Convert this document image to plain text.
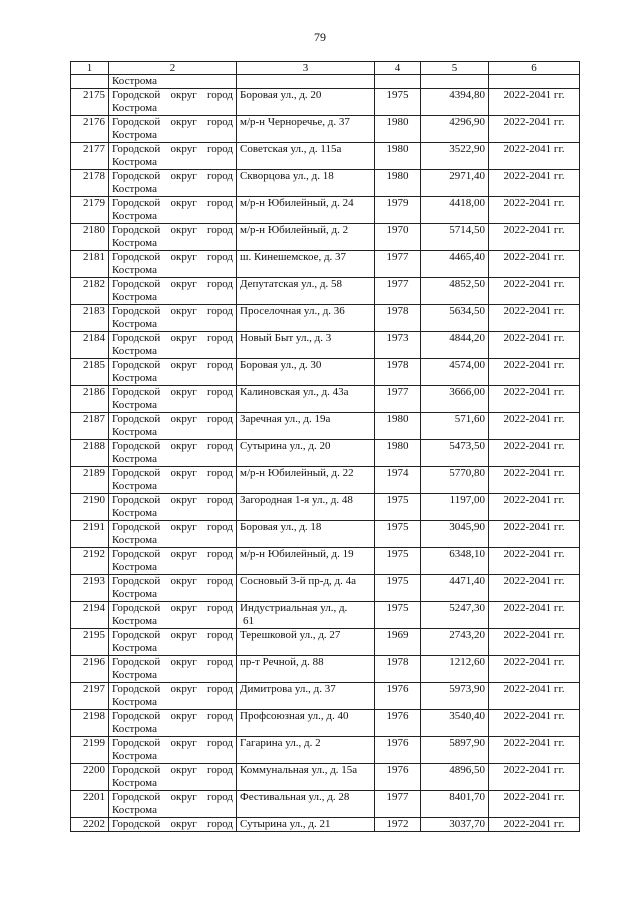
79
1	2	3	4	5	6
	Кострома				
2175	Городской округ город
Кострома	Боровая ул., д. 20	1975	4394,80	2022-2041 гг.
2176	Городской округ город
Кострома	м/р-н Черноречье, д. 37	1980	4296,90	2022-2041 гг.
2177	Городской округ город
Кострома	Советская ул., д. 115а	1980	3522,90	2022-2041 гг.
2178	Городской округ город
Кострома	Скворцова ул., д. 18	1980	2971,40	2022-2041 гг.
2179	Городской округ город
Кострома	м/р-н Юбилейный, д. 24	1979	4418,00	2022-2041 гг.
2180	Городской округ город
Кострома	м/р-н Юбилейный, д. 2	1970	5714,50	2022-2041 гг.
2181	Городской округ город
Кострома	ш. Кинешемское, д. 37	1977	4465,40	2022-2041 гг.
2182	Городской округ город
Кострома	Депутатская ул., д. 58	1977	4852,50	2022-2041 гг.
2183	Городской округ город
Кострома	Проселочная ул., д. 36	1978	5634,50	2022-2041 гг.
2184	Городской округ город
Кострома	Новый Быт ул., д. 3	1973	4844,20	2022-2041 гг.
2185	Городской округ город
Кострома	Боровая ул., д. 30	1978	4574,00	2022-2041 гг.
2186	Городской округ город
Кострома	Калиновская ул., д. 43а	1977	3666,00	2022-2041 гг.
2187	Городской округ город
Кострома	Заречная ул., д. 19а	1980	571,60	2022-2041 гг.
2188	Городской округ город
Кострома	Сутырина ул., д. 20	1980	5473,50	2022-2041 гг.
2189	Городской округ город
Кострома	м/р-н Юбилейный, д. 22	1974	5770,80	2022-2041 гг.
2190	Городской округ город
Кострома	Загородная 1-я ул., д. 48	1975	1197,00	2022-2041 гг.
2191	Городской округ город
Кострома	Боровая ул., д. 18	1975	3045,90	2022-2041 гг.
2192	Городской округ город
Кострома	м/р-н Юбилейный, д. 19	1975	6348,10	2022-2041 гг.
2193	Городской округ город
Кострома	Сосновый 3-й пр-д, д. 4а	1975	4471,40	2022-2041 гг.
2194	Городской округ город
Кострома	Индустриальная ул., д.
61	1975	5247,30	2022-2041 гг.
2195	Городской округ город
Кострома	Терешковой ул., д. 27	1969	2743,20	2022-2041 гг.
2196	Городской округ город
Кострома	пр-т Речной, д. 88	1978	1212,60	2022-2041 гг.
2197	Городской округ город
Кострома	Димитрова ул., д. 37	1976	5973,90	2022-2041 гг.
2198	Городской округ город
Кострома	Профсоюзная ул., д. 40	1976	3540,40	2022-2041 гг.
2199	Городской округ город
Кострома	Гагарина ул., д. 2	1976	5897,90	2022-2041 гг.
2200	Городской округ город
Кострома	Коммунальная ул., д. 15а	1976	4896,50	2022-2041 гг.
2201	Городской округ город
Кострома	Фестивальная ул., д. 28	1977	8401,70	2022-2041 гг.
2202	Городской округ город	Сутырина ул., д. 21	1972	3037,70	2022-2041 гг.
